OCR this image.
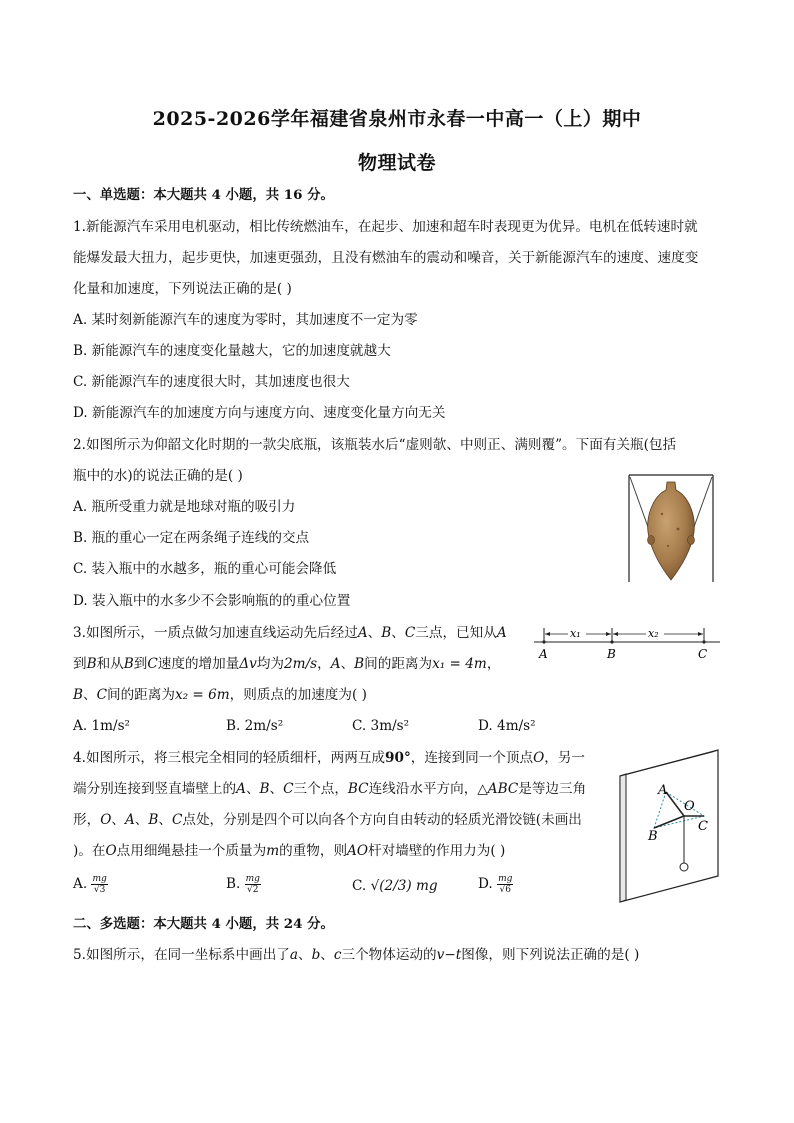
2025-2026学年福建省泉州市永春一中高一（上）期中
物理试卷
一、单选题：本大题共 4 小题，共 16 分。
1.新能源汽车采用电机驱动，相比传统燃油车，在起步、加速和超车时表现更为优异。电机在低转速时就
能爆发最大扭力，起步更快，加速更强劲，且没有燃油车的震动和噪音，关于新能源汽车的速度、速度变
化量和加速度，下列说法正确的是( )
A. 某时刻新能源汽车的速度为零时，其加速度不一定为零
B. 新能源汽车的速度变化量越大，它的加速度就越大
C. 新能源汽车的速度很大时，其加速度也很大
D. 新能源汽车的加速度方向与速度方向、速度变化量方向无关
2.如图所示为仰韶文化时期的一款尖底瓶，该瓶装水后“虚则欹、中则正、满则覆”。下面有关瓶(包括
瓶中的水)的说法正确的是( )
A. 瓶所受重力就是地球对瓶的吸引力
B. 瓶的重心一定在两条绳子连线的交点
C. 装入瓶中的水越多，瓶的重心可能会降低
D. 装入瓶中的水多少不会影响瓶的的重心位置
3.如图所示，一质点做匀加速直线运动先后经过A、B、C三点，已知从A
到B和从B到C速度的增加量Δv均为2m/s，A、B间的距离为x₁ = 4m，
B、C间的距离为x₂ = 6m，则质点的加速度为( )
A. 1m/s²	B. 2m/s²	C. 3m/s²	D. 4m/s²
x₁	x₂
A	B	C
4.如图所示，将三根完全相同的轻质细杆，两两互成90°，连接到同一个顶点O，另一
端分别连接到竖直墙壁上的A、B、C三个点，BC连线沿水平方向，△ABC是等边三角
形，O、A、B、C点处，分别是四个可以向各个方向自由转动的轻质光滑饺链(未画出
)。在O点用细绳悬挂一个质量为m的重物，则AO杆对墙壁的作用力为( )
A. $\frac{mg}{√3}$	B. $\frac{mg}{√2}$	C. √(2/3) mg	D. $\frac{mg}{√6}$
A
O
B
C
二、多选题：本大题共 4 小题，共 24 分。
5.如图所示，在同一坐标系中画出了a、b、c三个物体运动的v−t图像，则下列说法正确的是( )
